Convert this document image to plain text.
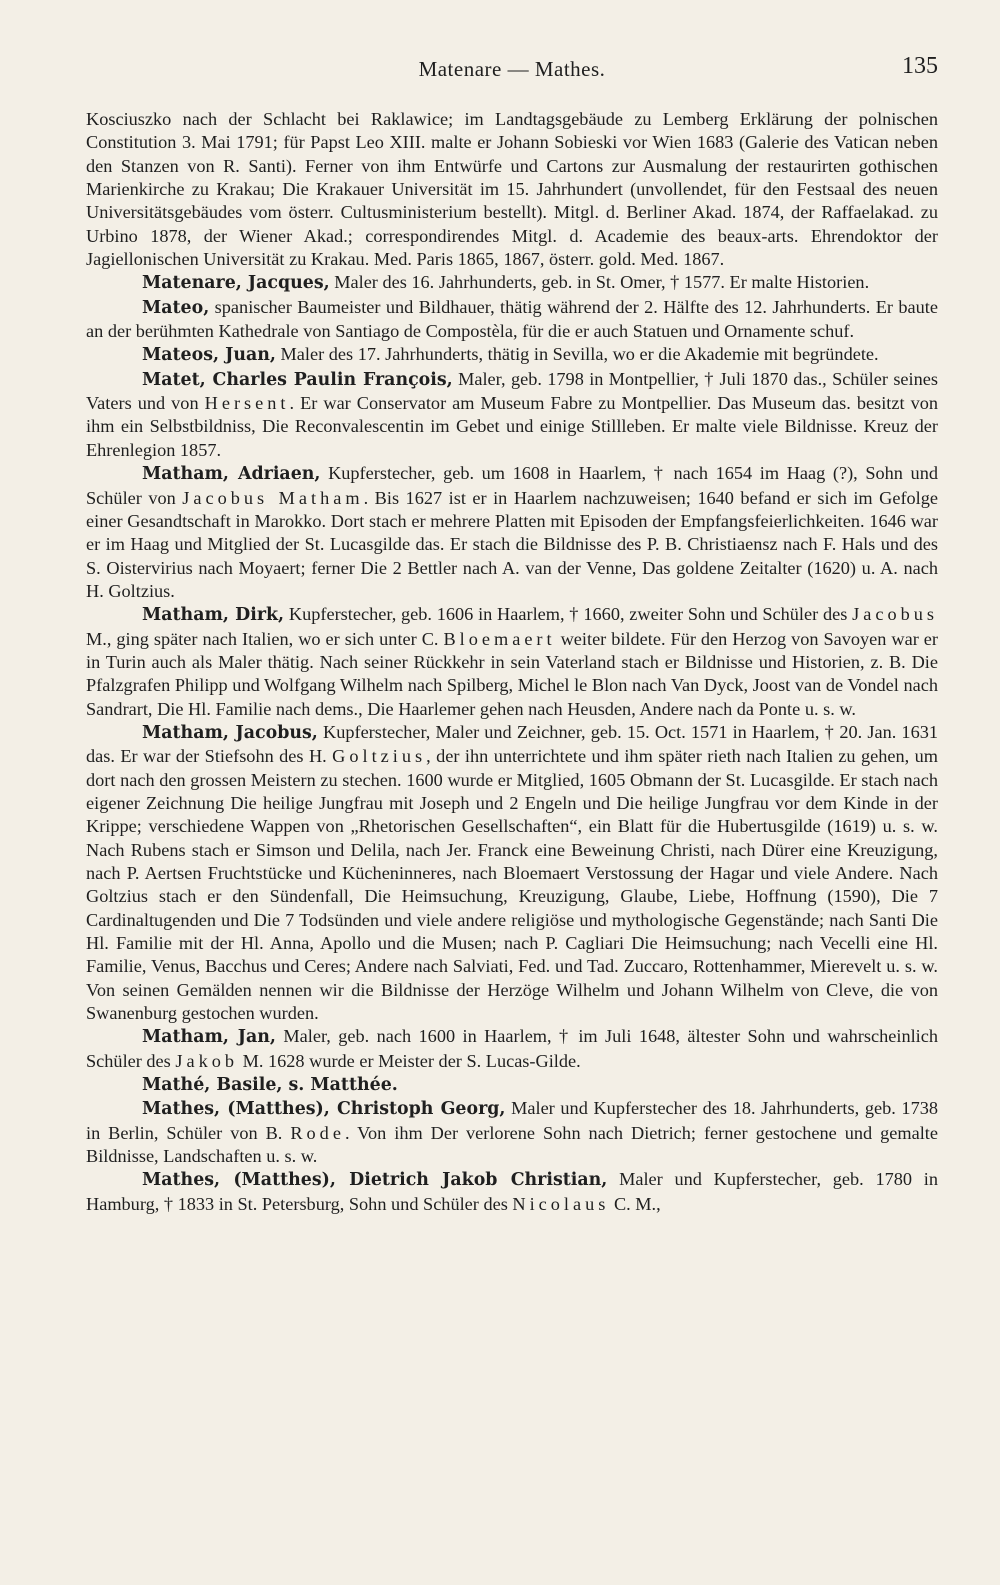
Matenare — Mathes.	135

Kosciuszko nach der Schlacht bei Raklawice; im Landtagsgebäude zu Lemberg Erklärung der polnischen Constitution 3. Mai 1791; für Papst Leo XIII. malte er Johann Sobieski vor Wien 1683 (Galerie des Vatican neben den Stanzen von R. Santi). Ferner von ihm Entwürfe und Cartons zur Ausmalung der restaurirten gothischen Marienkirche zu Krakau; Die Krakauer Universität im 15. Jahrhundert (unvollendet, für den Festsaal des neuen Universitätsgebäudes vom österr. Cultusministerium bestellt). Mitgl. d. Berliner Akad. 1874, der Raffaelakad. zu Urbino 1878, der Wiener Akad.; correspondirendes Mitgl. d. Academie des beaux-arts. Ehrendoktor der Jagiellonischen Universität zu Krakau. Med. Paris 1865, 1867, österr. gold. Med. 1867.

Matenare, Jacques, Maler des 16. Jahrhunderts, geb. in St. Omer, † 1577. Er malte Historien.

Mateo, spanischer Baumeister und Bildhauer, thätig während der 2. Hälfte des 12. Jahrhunderts. Er baute an der berühmten Kathedrale von Santiago de Compostèla, für die er auch Statuen und Ornamente schuf.

Mateos, Juan, Maler des 17. Jahrhunderts, thätig in Sevilla, wo er die Akademie mit begründete.

Matet, Charles Paulin François, Maler, geb. 1798 in Montpellier, † Juli 1870 das., Schüler seines Vaters und von Hersent. Er war Conservator am Museum Fabre zu Montpellier. Das Museum das. besitzt von ihm ein Selbstbildniss, Die Reconvalescentin im Gebet und einige Stillleben. Er malte viele Bildnisse. Kreuz der Ehrenlegion 1857.

Matham, Adriaen, Kupferstecher, geb. um 1608 in Haarlem, † nach 1654 im Haag (?), Sohn und Schüler von Jacobus Matham. Bis 1627 ist er in Haarlem nachzuweisen; 1640 befand er sich im Gefolge einer Gesandtschaft in Marokko. Dort stach er mehrere Platten mit Episoden der Empfangsfeierlichkeiten. 1646 war er im Haag und Mitglied der St. Lucasgilde das. Er stach die Bildnisse des P. B. Christiaensz nach F. Hals und des S. Oistervirius nach Moyaert; ferner Die 2 Bettler nach A. van der Venne, Das goldene Zeitalter (1620) u. A. nach H. Goltzius.

Matham, Dirk, Kupferstecher, geb. 1606 in Haarlem, † 1660, zweiter Sohn und Schüler des Jacobus M., ging später nach Italien, wo er sich unter C. Bloemaert weiter bildete. Für den Herzog von Savoyen war er in Turin auch als Maler thätig. Nach seiner Rückkehr in sein Vaterland stach er Bildnisse und Historien, z. B. Die Pfalzgrafen Philipp und Wolfgang Wilhelm nach Spilberg, Michel le Blon nach Van Dyck, Joost van de Vondel nach Sandrart, Die Hl. Familie nach dems., Die Haarlemer gehen nach Heusden, Andere nach da Ponte u. s. w.

Matham, Jacobus, Kupferstecher, Maler und Zeichner, geb. 15. Oct. 1571 in Haarlem, † 20. Jan. 1631 das. Er war der Stiefsohn des H. Goltzius, der ihn unterrichtete und ihm später rieth nach Italien zu gehen, um dort nach den grossen Meistern zu stechen. 1600 wurde er Mitglied, 1605 Obmann der St. Lucasgilde. Er stach nach eigener Zeichnung Die heilige Jungfrau mit Joseph und 2 Engeln und Die heilige Jungfrau vor dem Kinde in der Krippe; verschiedene Wappen von „Rhetorischen Gesellschaften“, ein Blatt für die Hubertusgilde (1619) u. s. w. Nach Rubens stach er Simson und Delila, nach Jer. Franck eine Beweinung Christi, nach Dürer eine Kreuzigung, nach P. Aertsen Fruchtstücke und Kücheninneres, nach Bloemaert Verstossung der Hagar und viele Andere. Nach Goltzius stach er den Sündenfall, Die Heimsuchung, Kreuzigung, Glaube, Liebe, Hoffnung (1590), Die 7 Cardinaltugenden und Die 7 Todsünden und viele andere religiöse und mythologische Gegenstände; nach Santi Die Hl. Familie mit der Hl. Anna, Apollo und die Musen; nach P. Cagliari Die Heimsuchung; nach Vecelli eine Hl. Familie, Venus, Bacchus und Ceres; Andere nach Salviati, Fed. und Tad. Zuccaro, Rottenhammer, Mierevelt u. s. w. Von seinen Gemälden nennen wir die Bildnisse der Herzöge Wilhelm und Johann Wilhelm von Cleve, die von Swanenburg gestochen wurden.

Matham, Jan, Maler, geb. nach 1600 in Haarlem, † im Juli 1648, ältester Sohn und wahrscheinlich Schüler des Jakob M. 1628 wurde er Meister der S. Lucas-Gilde.

Mathé, Basile, s. Matthée.

Mathes, (Matthes), Christoph Georg, Maler und Kupferstecher des 18. Jahrhunderts, geb. 1738 in Berlin, Schüler von B. Rode. Von ihm Der verlorene Sohn nach Dietrich; ferner gestochene und gemalte Bildnisse, Landschaften u. s. w.

Mathes, (Matthes), Dietrich Jakob Christian, Maler und Kupferstecher, geb. 1780 in Hamburg, † 1833 in St. Petersburg, Sohn und Schüler des Nicolaus C. M.,
